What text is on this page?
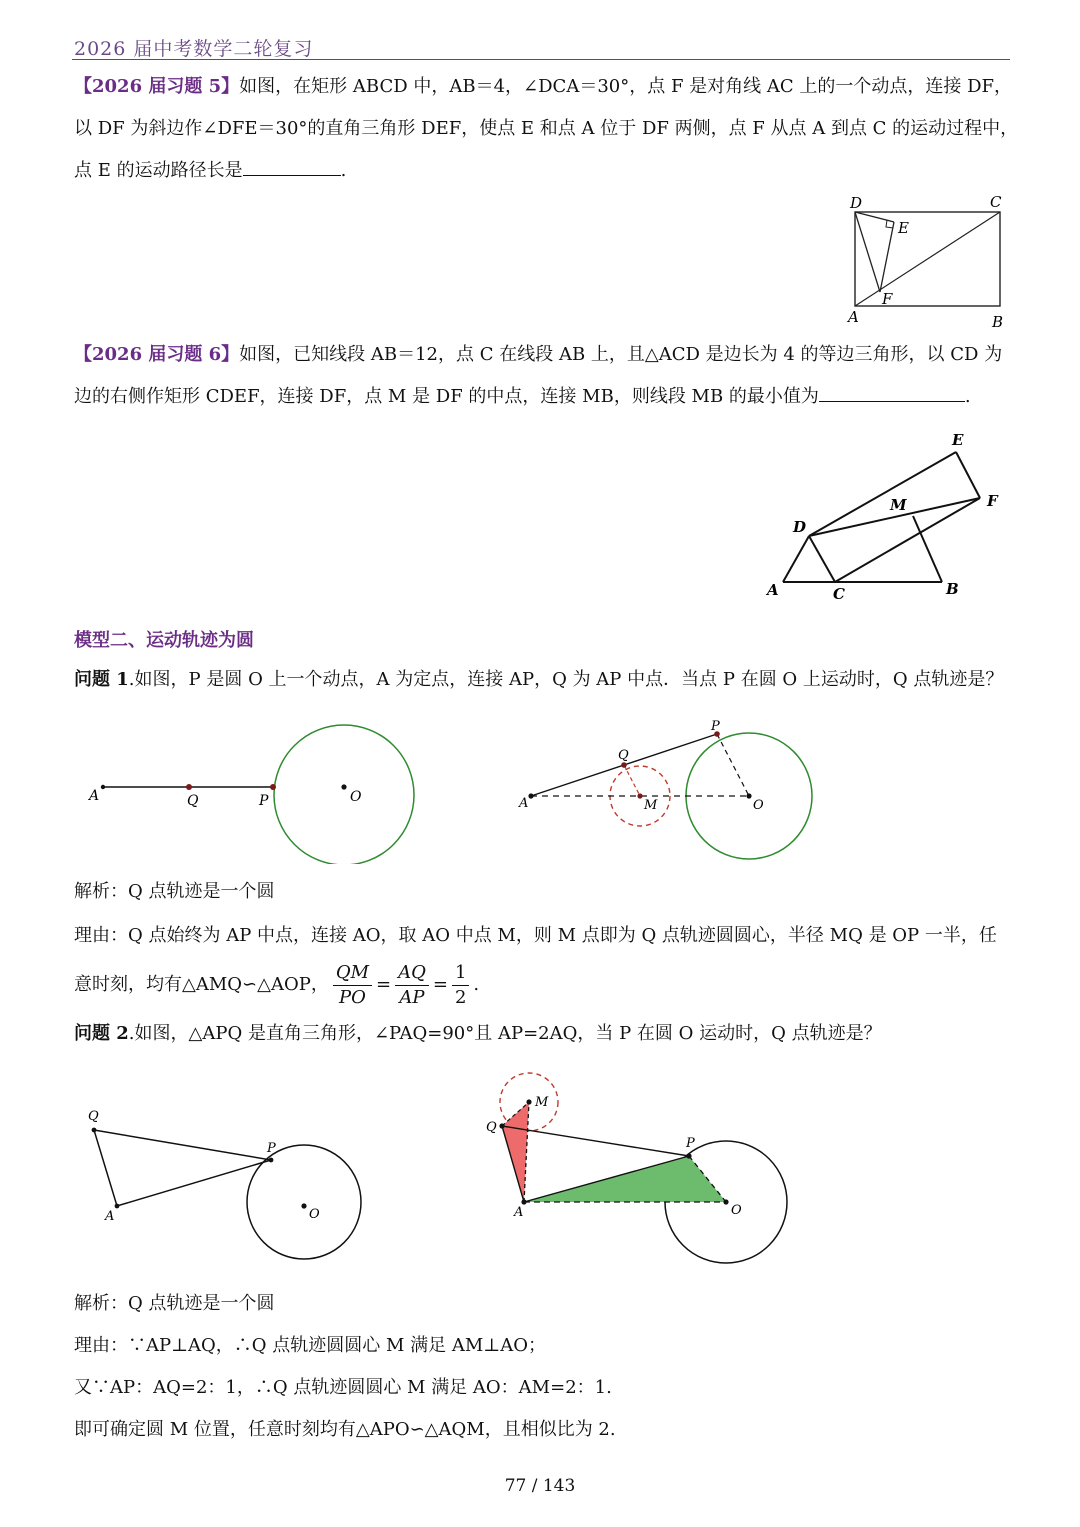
2026 届中考数学二轮复习
【2026 届习题 5】如图，在矩形 ABCD 中，AB＝4，∠DCA＝30°，点 F 是对角线 AC 上的一个动点，连接 DF，
以 DF 为斜边作∠DFE＝30°的直角三角形 DEF，使点 E 和点 A 位于 DF 两侧，点 F 从点 A 到点 C 的运动过程中，
点 E 的运动路径长是	.
D	C
E
F
A	B
【2026 届习题 6】如图，已知线段 AB＝12，点 C 在线段 AB 上，且△ACD 是边长为 4 的等边三角形，以 CD 为
边的右侧作矩形 CDEF，连接 DF，点 M 是 DF 的中点，连接 MB，则线段 MB 的最小值为	.
E
M	F
D
A	C	B
模型二、运动轨迹为圆
问题 1.如图，P 是圆 O 上一个动点，A 为定点，连接 AP，Q 为 AP 中点．当点 P 在圆 O 上运动时，Q 点轨迹是？
A	Q	P	O
P
Q
A	M	O
解析：Q 点轨迹是一个圆
理由：Q 点始终为 AP 中点，连接 AO，取 AO 中点 M，则 M 点即为 Q 点轨迹圆圆心，半径 MQ 是 OP 一半，任
意时刻，均有△AMQ∽△AOP， $\frac{QM}{PO} = \frac{AQ}{AP} = \frac{1}{2}$ .
问题 2.如图，△APQ 是直角三角形，∠PAQ=90°且 AP=2AQ，当 P 在圆 O 运动时，Q 点轨迹是？
Q
P
A	O
M
Q
P
A	O
解析：Q 点轨迹是一个圆
理由：∵AP⊥AQ，∴Q 点轨迹圆圆心 M 满足 AM⊥AO；
又∵AP：AQ=2：1，∴Q 点轨迹圆圆心 M 满足 AO：AM=2：1.
即可确定圆 M 位置，任意时刻均有△APO∽△AQM，且相似比为 2.
77 / 143
